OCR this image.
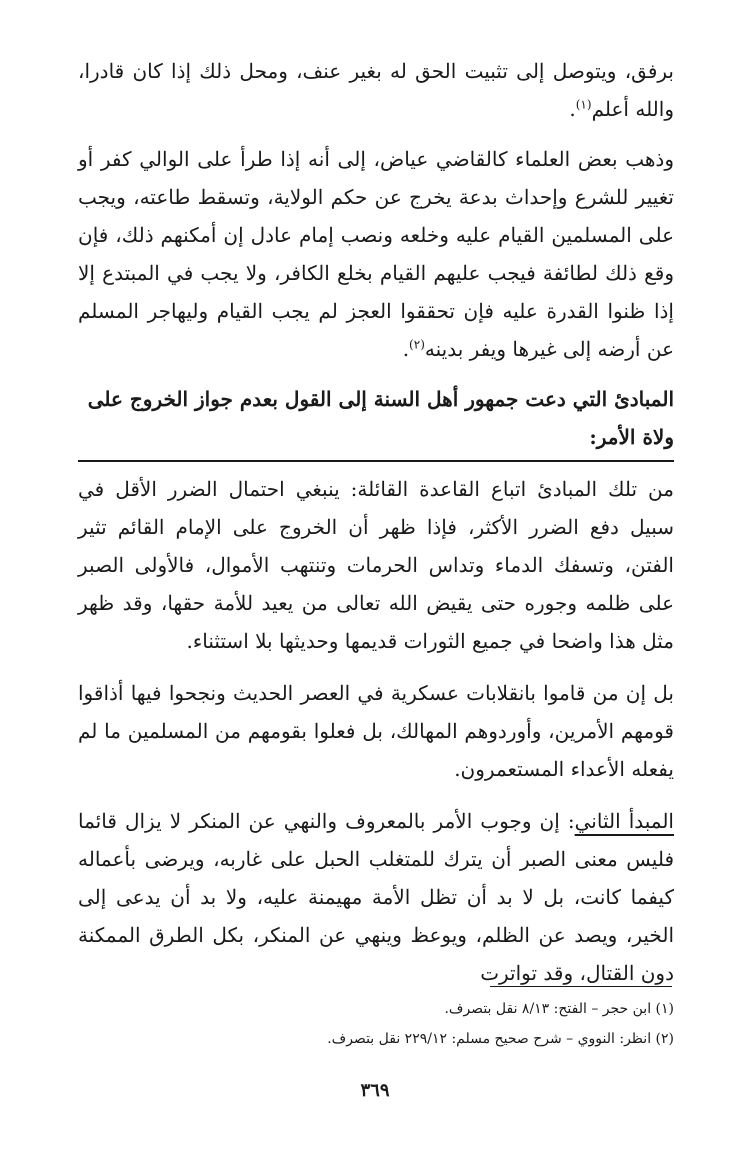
برفق، ويتوصل إلى تثبيت الحق له بغير عنف، ومحل ذلك إذا كان قادرا، والله أعلم$^{(١)}$.

وذهب بعض العلماء كالقاضي عياض، إلى أنه إذا طرأ على الوالي كفر أو تغيير للشرع وإحداث بدعة يخرج عن حكم الولاية، وتسقط طاعته، ويجب على المسلمين القيام عليه وخلعه ونصب إمام عادل إن أمكنهم ذلك، فإن وقع ذلك لطائفة فيجب عليهم القيام بخلع الكافر، ولا يجب في المبتدع إلا إذا ظنوا القدرة عليه فإن تحققوا العجز لم يجب القيام وليهاجر المسلم عن أرضه إلى غيرها ويفر بدينه$^{(٢)}$.

المبادئ التي دعت جمهور أهل السنة إلى القول بعدم جواز الخروج على ولاة الأمر:

من تلك المبادئ اتباع القاعدة القائلة: ينبغي احتمال الضرر الأقل في سبيل دفع الضرر الأكثر، فإذا ظهر أن الخروج على الإمام القائم تثير الفتن، وتسفك الدماء وتداس الحرمات وتنتهب الأموال، فالأولى الصبر على ظلمه وجوره حتى يقيض الله تعالى من يعيد للأمة حقها، وقد ظهر مثل هذا واضحا في جميع الثورات قديمها وحديثها بلا استثناء.

بل إن من قاموا بانقلابات عسكرية في العصر الحديث ونجحوا فيها أذاقوا قومهم الأمرين، وأوردوهم المهالك، بل فعلوا بقومهم من المسلمين ما لم يفعله الأعداء المستعمرون.

المبدأ الثاني: إن وجوب الأمر بالمعروف والنهي عن المنكر لا يزال قائما فليس معنى الصبر أن يترك للمتغلب الحبل على غاربه، ويرضى بأعماله كيفما كانت، بل لا بد أن تظل الأمة مهيمنة عليه، ولا بد أن يدعى إلى الخير، ويصد عن الظلم، ويوعظ وينهي عن المنكر، بكل الطرق الممكنة دون القتال، وقد تواترت

(١) ابن حجر – الفتح: ٨/١٣ نقل بتصرف.
(٢) انظر: النووي – شرح صحيح مسلم: ٢٢٩/١٢ نقل بتصرف.
٣٦٩
